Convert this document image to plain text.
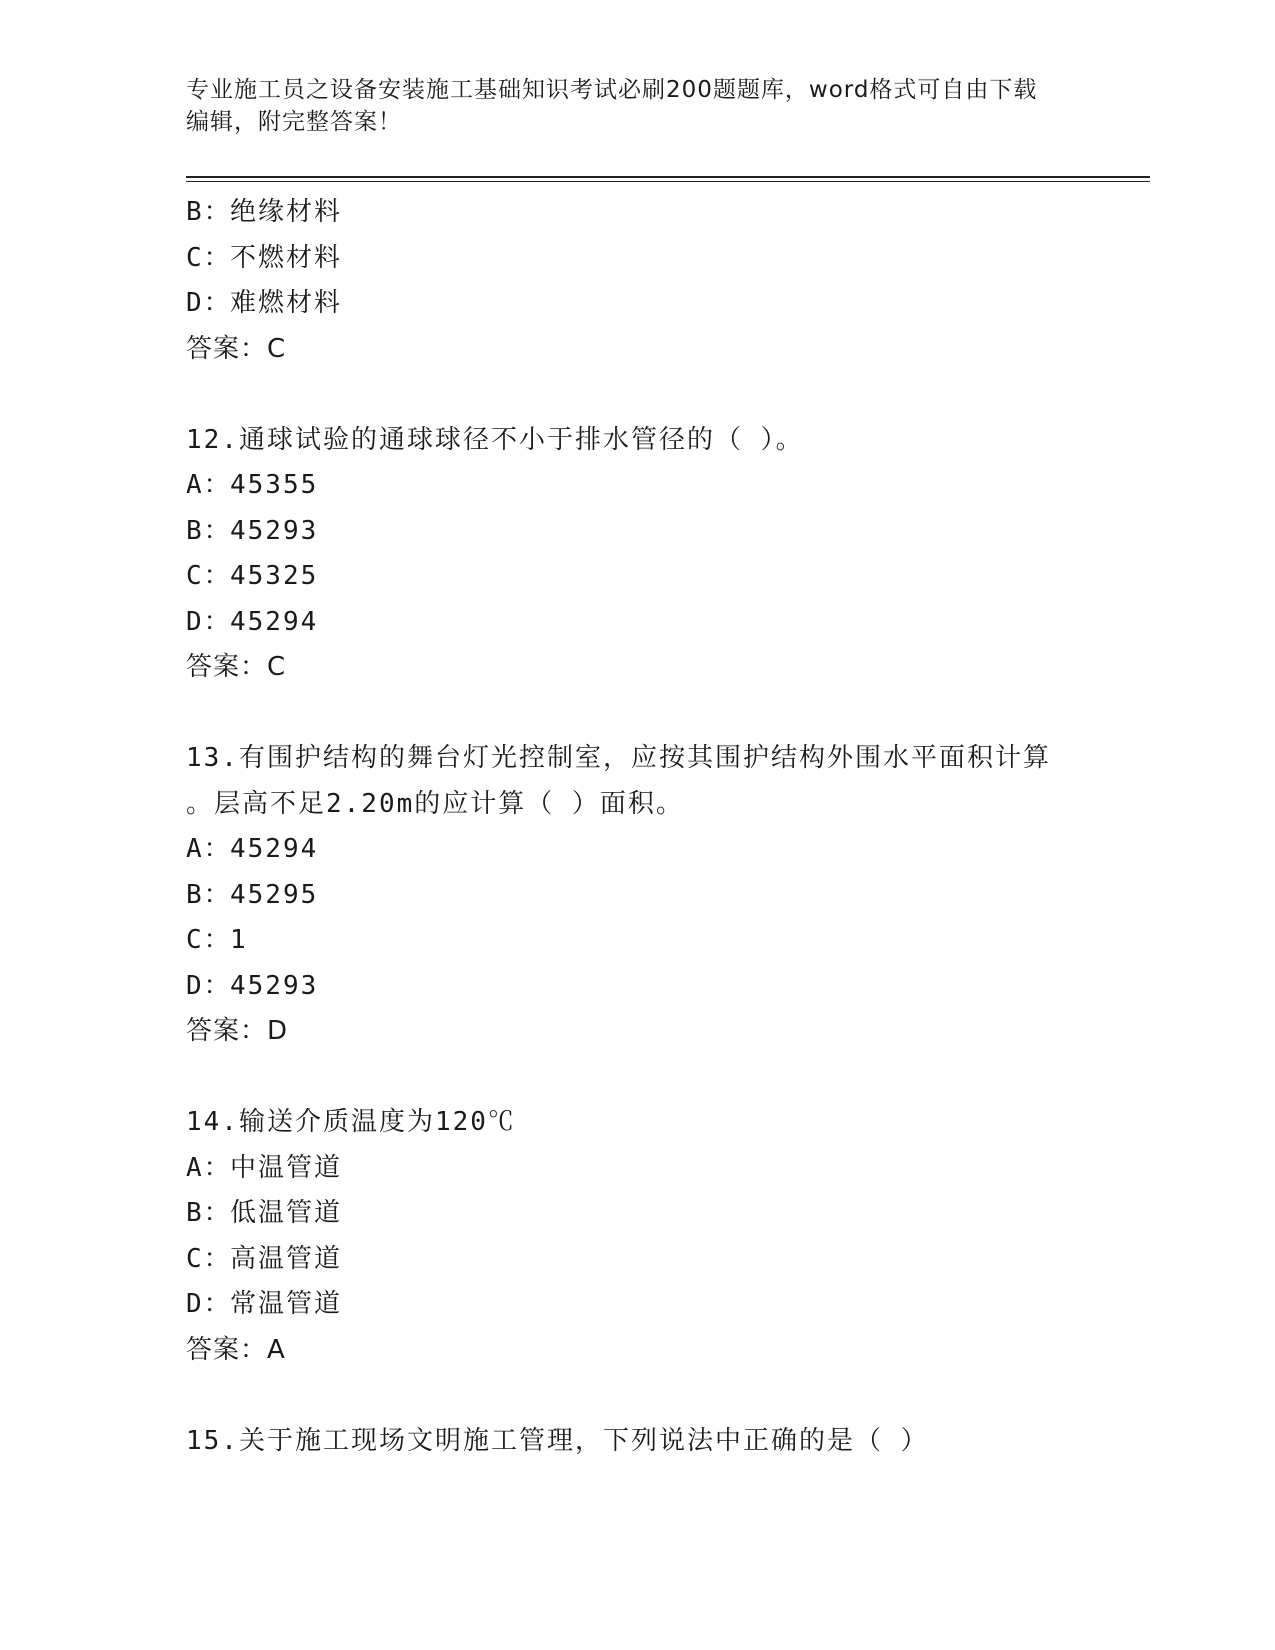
专业施工员之设备安装施工基础知识考试必刷200题题库，word格式可自由下载
编辑，附完整答案！
B：绝缘材料
C：不燃材料
D：难燃材料
答案：C
12.通球试验的通球球径不小于排水管径的（ ）。
A：45355
B：45293
C：45325
D：45294
答案：C
13.有围护结构的舞台灯光控制室，应按其围护结构外围水平面积计算
。层高不足2.20m的应计算（ ）面积。
A：45294
B：45295
C：1
D：45293
答案：D
14.输送介质温度为120℃
A：中温管道
B：低温管道
C：高温管道
D：常温管道
答案：A
15.关于施工现场文明施工管理，下列说法中正确的是（ ）
